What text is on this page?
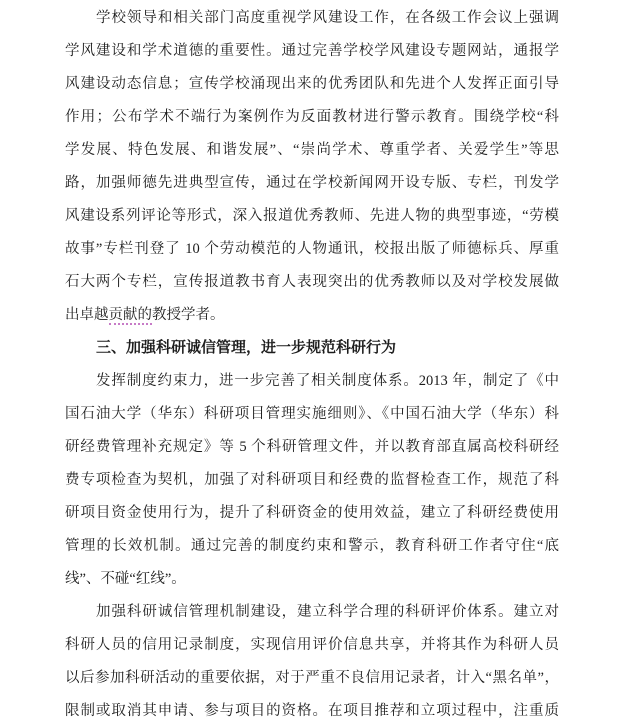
学校领导和相关部门高度重视学风建设工作，在各级工作会议上强调
学风建设和学术道德的重要性。通过完善学校学风建设专题网站，通报学
风建设动态信息；宣传学校涌现出来的优秀团队和先进个人发挥正面引导
作用；公布学术不端行为案例作为反面教材进行警示教育。围绕学校“科
学发展、特色发展、和谐发展”、“崇尚学术、尊重学者、关爱学生”等思
路，加强师德先进典型宣传，通过在学校新闻网开设专版、专栏，刊发学
风建设系列评论等形式，深入报道优秀教师、先进人物的典型事迹，“劳模
故事”专栏刊登了 10 个劳动模范的人物通讯，校报出版了师德标兵、厚重
石大两个专栏，宣传报道教书育人表现突出的优秀教师以及对学校发展做
出卓越贡献的教授学者。
三、加强科研诚信管理，进一步规范科研行为
发挥制度约束力，进一步完善了相关制度体系。2013 年，制定了《中
国石油大学（华东）科研项目管理实施细则》、《中国石油大学（华东）科
研经费管理补充规定》等 5 个科研管理文件，并以教育部直属高校科研经
费专项检查为契机，加强了对科研项目和经费的监督检查工作，规范了科
研项目资金使用行为，提升了科研资金的使用效益，建立了科研经费使用
管理的长效机制。通过完善的制度约束和警示，教育科研工作者守住“底
线”、不碰“红线”。
加强科研诚信管理机制建设，建立科学合理的科研评价体系。建立对
科研人员的信用记录制度，实现信用评价信息共享，并将其作为科研人员
以后参加科研活动的重要依据，对于严重不良信用记录者，计入“黑名单”，
限制或取消其申请、参与项目的资格。在项目推荐和立项过程中，注重质
